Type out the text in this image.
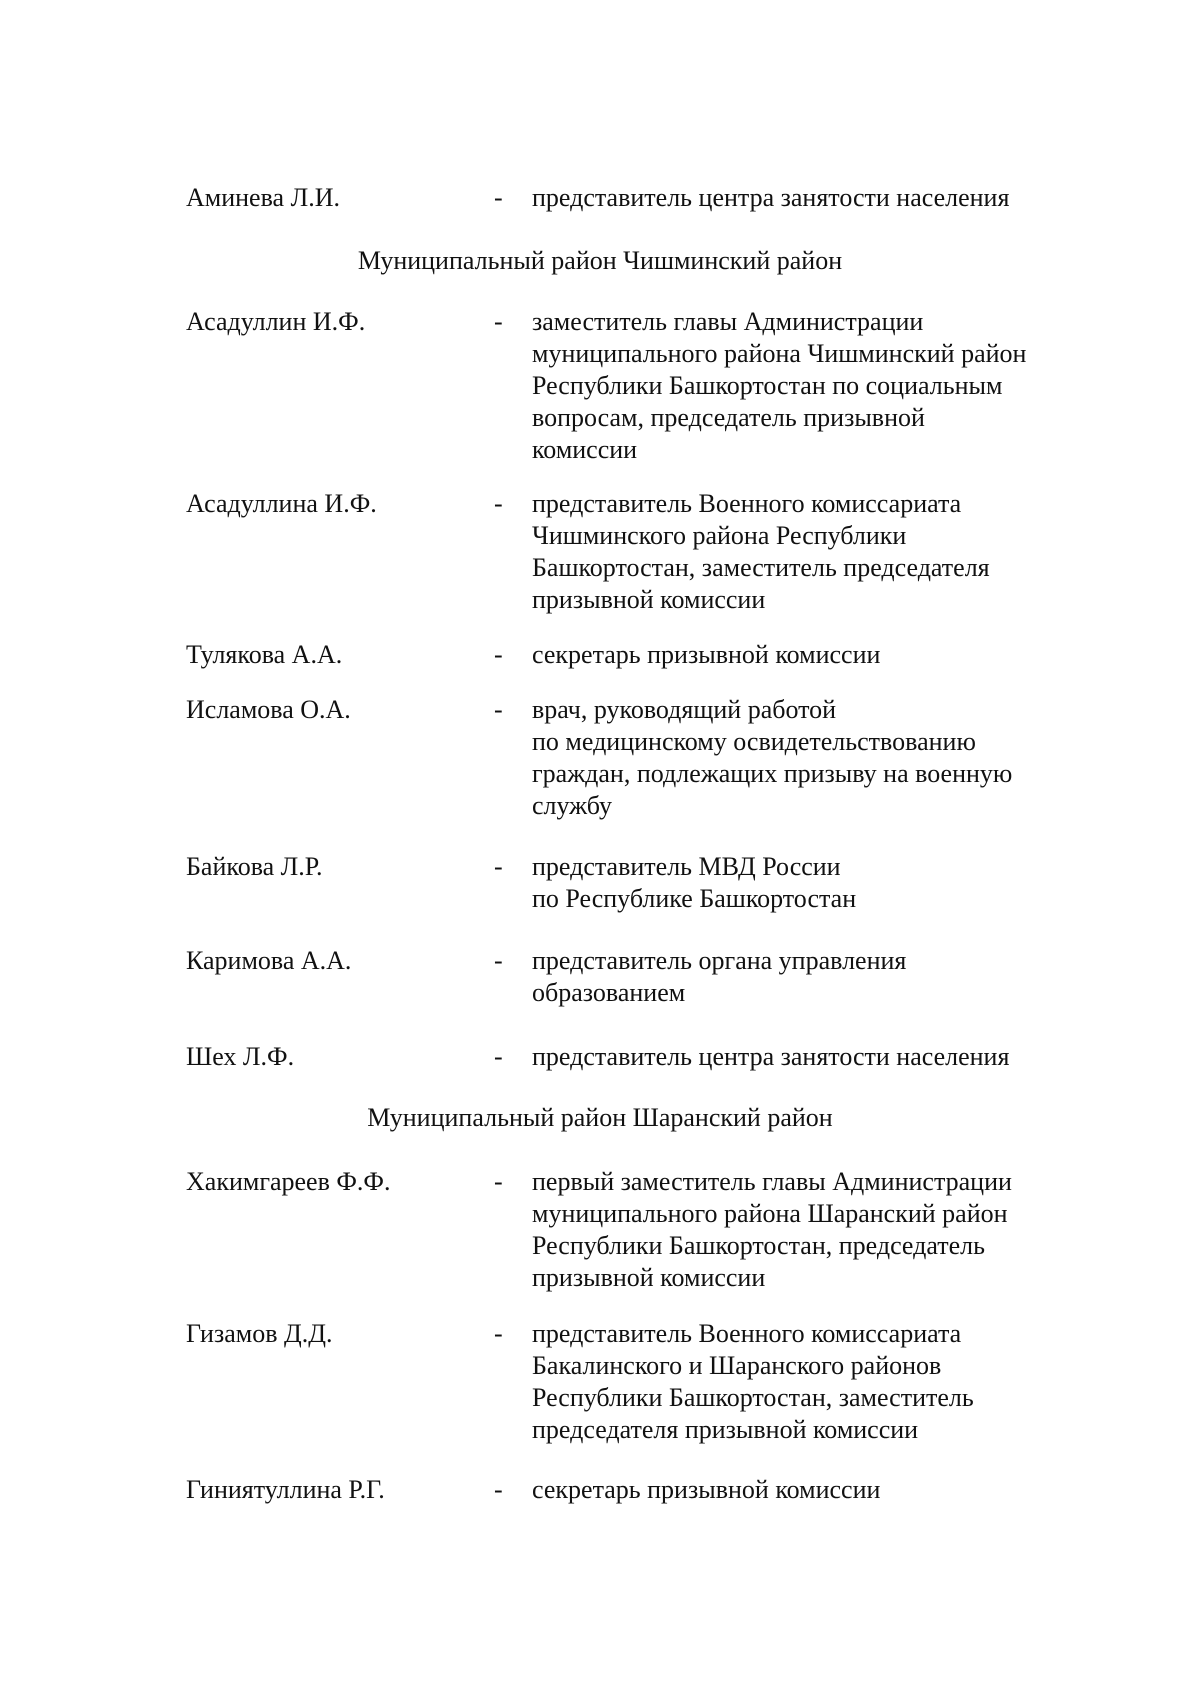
Аминева Л.И.	- представитель центра занятости населения
Муниципальный район Чишминский район
Асадуллин И.Ф.	- заместитель главы Администрации
муниципального района Чишминский район
Республики Башкортостан по социальным
вопросам, председатель призывной
комиссии
Асадуллина И.Ф.	- представитель Военного комиссариата
Чишминского района Республики
Башкортостан, заместитель председателя
призывной комиссии
Тулякова А.А.	- секретарь призывной комиссии
Исламова О.А.	- врач, руководящий работой
по медицинскому освидетельствованию
граждан, подлежащих призыву на военную
службу
Байкова Л.Р.	- представитель МВД России
по Республике Башкортостан
Каримова А.А.	- представитель органа управления
образованием
Шех Л.Ф.	- представитель центра занятости населения
Муниципальный район Шаранский район
Хакимгареев Ф.Ф.	- первый заместитель главы Администрации
муниципального района Шаранский район
Республики Башкортостан, председатель
призывной комиссии
Гизамов Д.Д.	- представитель Военного комиссариата
Бакалинского и Шаранского районов
Республики Башкортостан, заместитель
председателя призывной комиссии
Гиниятуллина Р.Г.	- секретарь призывной комиссии
